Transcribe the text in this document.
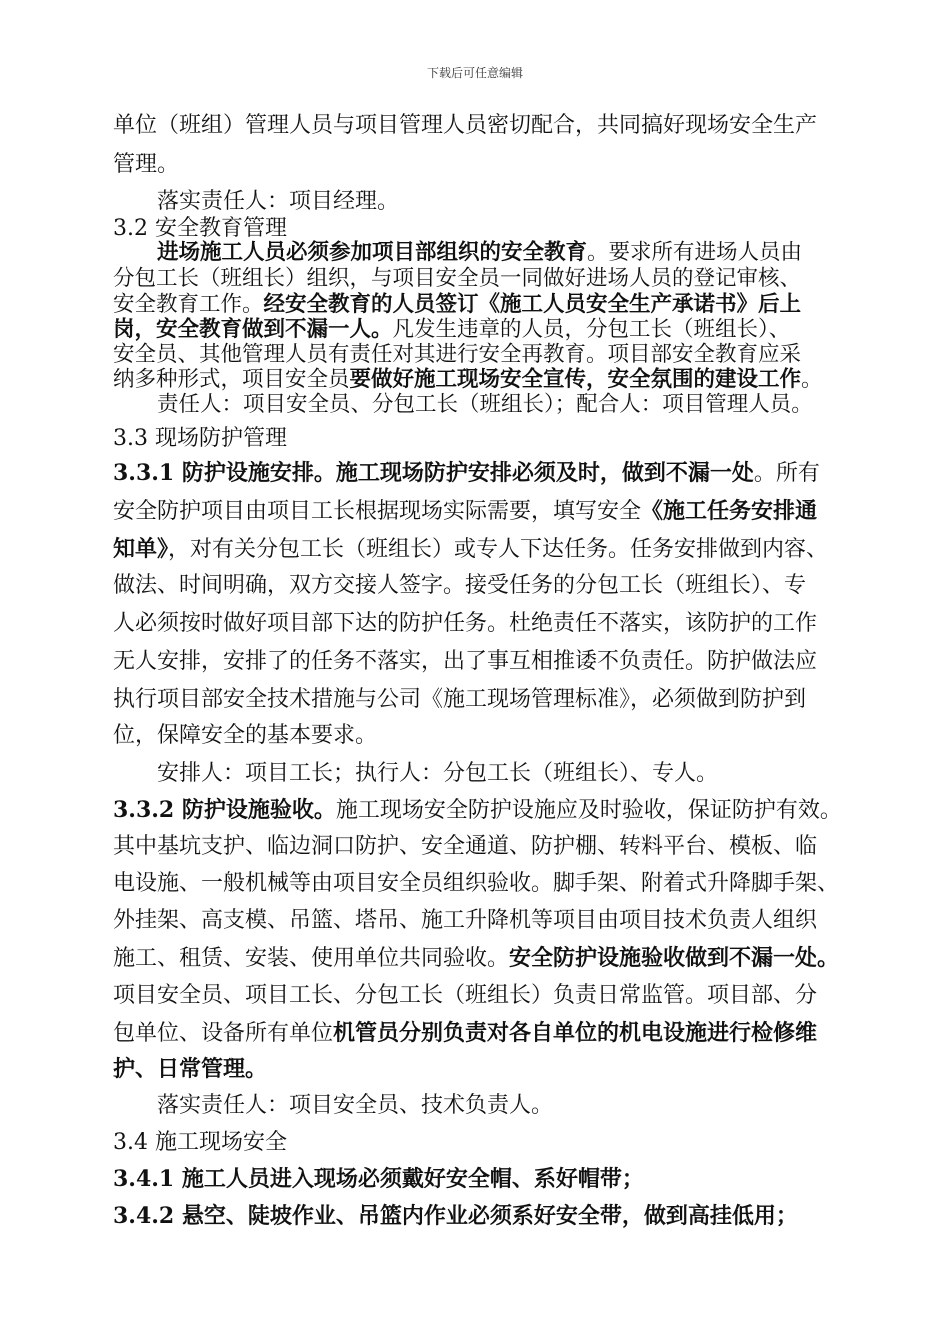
下载后可任意编辑
单位（班组）管理人员与项目管理人员密切配合，共同搞好现场安全生产
管理。
落实责任人：项目经理。
3.2 安全教育管理
进场施工人员必须参加项目部组织的安全教育。要求所有进场人员由
分包工长（班组长）组织，与项目安全员一同做好进场人员的登记审核、
安全教育工作。经安全教育的人员签订《施工人员安全生产承诺书》后上
岗，安全教育做到不漏一人。凡发生违章的人员，分包工长（班组长）、
安全员、其他管理人员有责任对其进行安全再教育。项目部安全教育应采
纳多种形式，项目安全员要做好施工现场安全宣传，安全氛围的建设工作。
责任人：项目安全员、分包工长（班组长）；配合人：项目管理人员。
3.3 现场防护管理
3.3.1 防护设施安排。施工现场防护安排必须及时，做到不漏一处。所有
安全防护项目由项目工长根据现场实际需要，填写安全《施工任务安排通
知单》，对有关分包工长（班组长）或专人下达任务。任务安排做到内容、
做法、时间明确，双方交接人签字。接受任务的分包工长（班组长）、专
人必须按时做好项目部下达的防护任务。杜绝责任不落实，该防护的工作
无人安排，安排了的任务不落实，出了事互相推诿不负责任。防护做法应
执行项目部安全技术措施与公司《施工现场管理标准》，必须做到防护到
位，保障安全的基本要求。
安排人：项目工长；执行人：分包工长（班组长）、专人。
3.3.2 防护设施验收。施工现场安全防护设施应及时验收，保证防护有效。
其中基坑支护、临边洞口防护、安全通道、防护棚、转料平台、模板、临
电设施、一般机械等由项目安全员组织验收。脚手架、附着式升降脚手架、
外挂架、高支模、吊篮、塔吊、施工升降机等项目由项目技术负责人组织
施工、租赁、安装、使用单位共同验收。安全防护设施验收做到不漏一处。
项目安全员、项目工长、分包工长（班组长）负责日常监管。项目部、分
包单位、设备所有单位机管员分别负责对各自单位的机电设施进行检修维
护、日常管理。
落实责任人：项目安全员、技术负责人。
3.4 施工现场安全
3.4.1 施工人员进入现场必须戴好安全帽、系好帽带；
3.4.2 悬空、陡坡作业、吊篮内作业必须系好安全带，做到高挂低用；
